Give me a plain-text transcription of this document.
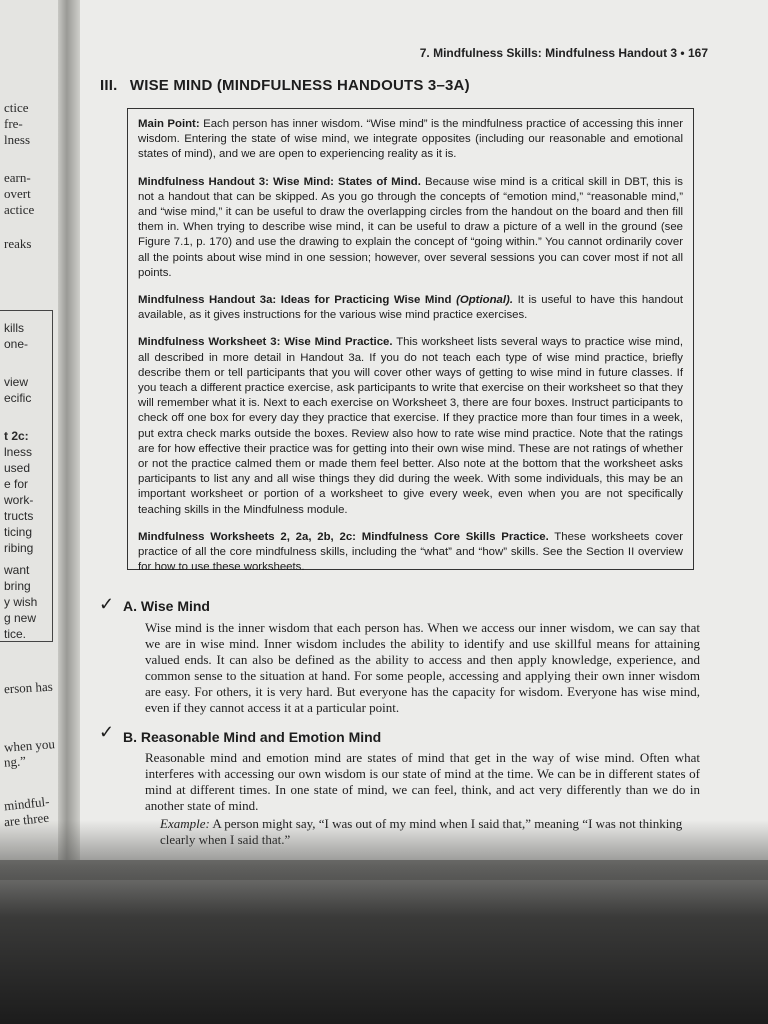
ctice
fre-
lness
earn-
overt
actice
reaks
kills
one-
view
ecific
t 2c:
lness
used
e for
work-
tructs
ticing
ribing
want
bring
y wish
g new
tice.
erson has
when you
ng.”
mindful-
7. Mindfulness Skills: Mindfulness Handout 3 • 167
III. WISE MIND (MINDFULNESS HANDOUTS 3–3A)

Main Point: Each person has inner wisdom. “Wise mind” is the mindfulness practice of accessing this inner wisdom. Entering the state of wise mind, we integrate opposites (including our reasonable and emotional states of mind), and we are open to experiencing reality as it is.

Mindfulness Handout 3: Wise Mind: States of Mind. Because wise mind is a critical skill in DBT, this is not a handout that can be skipped. As you go through the concepts of “emotion mind,” “reasonable mind,” and “wise mind,” it can be useful to draw the overlapping circles from the handout on the board and then fill them in. When trying to describe wise mind, it can be useful to draw a picture of a well in the ground (see Figure 7.1, p. 170) and use the drawing to explain the concept of “going within.” You cannot ordinarily cover all the points about wise mind in one session; however, over several sessions you can cover most if not all points.

Mindfulness Handout 3a: Ideas for Practicing Wise Mind (Optional). It is useful to have this handout available, as it gives instructions for the various wise mind practice exercises.

Mindfulness Worksheet 3: Wise Mind Practice. This worksheet lists several ways to practice wise mind, all described in more detail in Handout 3a. If you do not teach each type of wise mind practice, briefly describe them or tell participants that you will cover other ways of getting to wise mind in future classes. If you teach a different practice exercise, ask participants to write that exercise on their worksheet so that they will remember what it is. Next to each exercise on Worksheet 3, there are four boxes. Instruct participants to check off one box for every day they practice that exercise. If they practice more than four times in a week, put extra check marks outside the boxes. Review also how to rate wise mind practice. Note that the ratings are for how effective their practice was for getting into their own wise mind. These are not ratings of whether or not the practice calmed them or made them feel better. Also note at the bottom that the worksheet asks participants to list any and all wise things they did during the week. With some individuals, this may be an important worksheet or portion of a worksheet to give every week, even when you are not specifically teaching skills in the Mindfulness module.

Mindfulness Worksheets 2, 2a, 2b, 2c: Mindfulness Core Skills Practice. These worksheets cover practice of all the core mindfulness skills, including the “what” and “how” skills. See the Section II overview for how to use these worksheets.

✓ A. Wise Mind
Wise mind is the inner wisdom that each person has. When we access our inner wisdom, we can say that we are in wise mind. Inner wisdom includes the ability to identify and use skillful means for attaining valued ends. It can also be defined as the ability to access and then apply knowledge, experience, and common sense to the situation at hand. For some people, accessing and applying their own inner wisdom are easy. For others, it is very hard. But everyone has the capacity for wisdom. Everyone has wise mind, even if they cannot access it at a particular point.
✓ B. Reasonable Mind and Emotion Mind
Reasonable mind and emotion mind are states of mind that get in the way of wise mind. Often what interferes with accessing our own wisdom is our state of mind at the time. We can be in different states of mind at different times. In one state of mind, we can feel, think, and act very differently than we do in another state of mind.
